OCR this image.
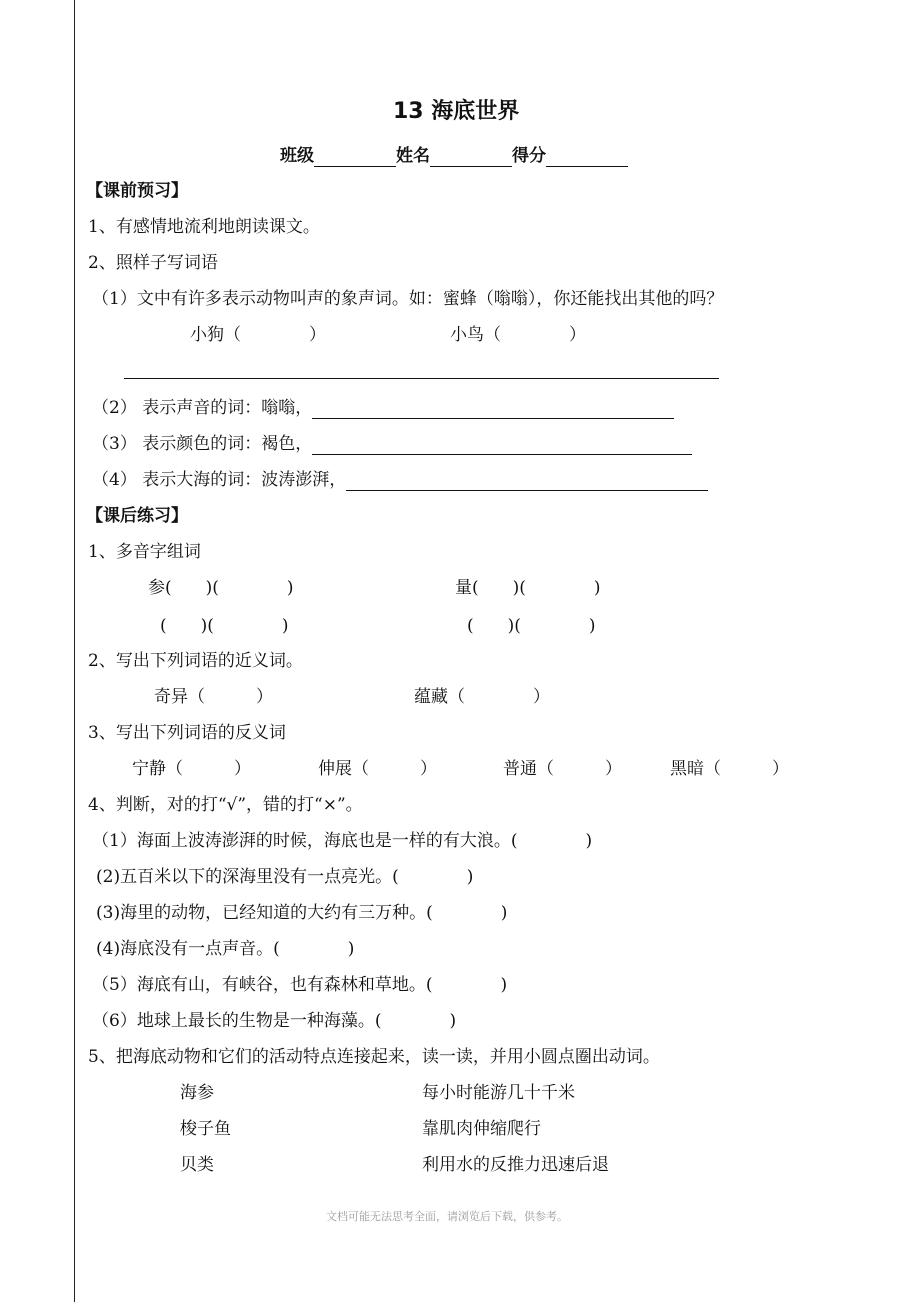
13 海底世界
班级	姓名	得分
【课前预习】
1、有感情地流利地朗读课文。
2、照样子写词语
（1）文中有许多表示动物叫声的象声词。如：蜜蜂（嗡嗡），你还能找出其他的吗？
小狗（　　　　）	小鸟（　　　　）
（2） 表示声音的词：嗡嗡，
（3） 表示颜色的词：褐色，
（4） 表示大海的词：波涛澎湃，
【课后练习】
1、多音字组词
参(　　)(　　　　)	量(　　)(　　　　)
(　　)(　　　　)	(　　)(　　　　)
2、写出下列词语的近义词。
奇异（　　　）	蕴藏（　　　　）
3、写出下列词语的反义词
宁静（　　　）	伸展（　　　）	普通（　　　）	黑暗（　　　）
4、判断，对的打“√”，错的打“×”。
（1）海面上波涛澎湃的时候，海底也是一样的有大浪。(　　　　)
(2)五百米以下的深海里没有一点亮光。(　　　　)
(3)海里的动物，已经知道的大约有三万种。(　　　　)
(4)海底没有一点声音。(　　　　)
（5）海底有山，有峡谷，也有森林和草地。(　　　　)
（6）地球上最长的生物是一种海藻。(　　　　)
5、把海底动物和它们的活动特点连接起来，读一读，并用小圆点圈出动词。
海参	每小时能游几十千米
梭子鱼	靠肌肉伸缩爬行
贝类	利用水的反推力迅速后退
文档可能无法思考全面，请浏览后下载，供参考。
